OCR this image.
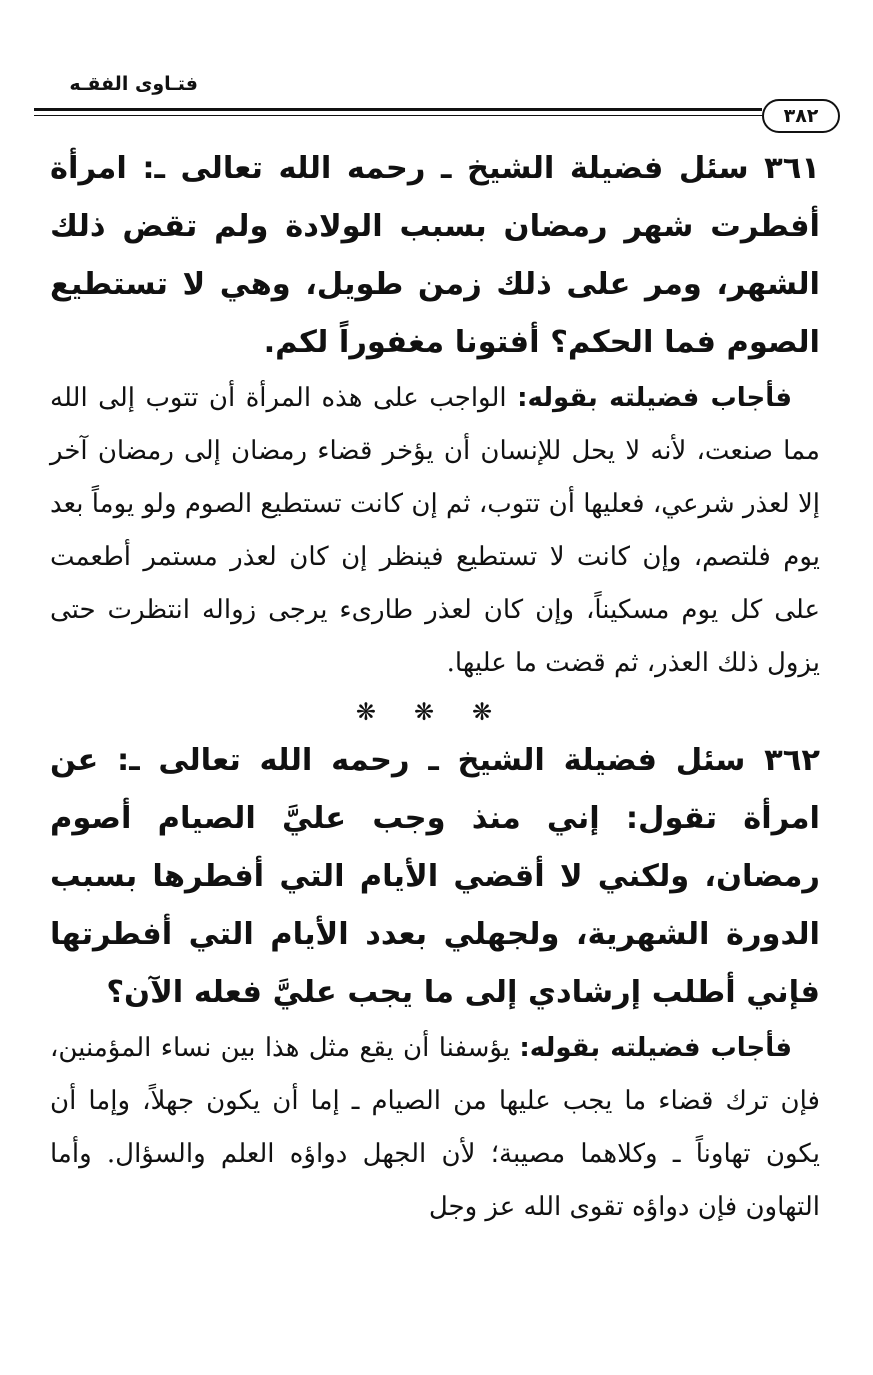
فتـاوى الفقـه
٣٨٢

٣٦١ سئل فضيلة الشيخ ـ رحمه الله تعالى ـ: امرأة أفطرت شهر رمضان بسبب الولادة ولم تقض ذلك الشهر، ومر على ذلك زمن طويل، وهي لا تستطيع الصوم فما الحكم؟ أفتونا مغفوراً لكم.

فأجاب فضيلته بقوله: الواجب على هذه المرأة أن تتوب إلى الله مما صنعت، لأنه لا يحل للإنسان أن يؤخر قضاء رمضان إلى رمضان آخر إلا لعذر شرعي، فعليها أن تتوب، ثم إن كانت تستطيع الصوم ولو يوماً بعد يوم فلتصم، وإن كانت لا تستطيع فينظر إن كان لعذر مستمر أطعمت على كل يوم مسكيناً، وإن كان لعذر طارىء يرجى زواله انتظرت حتى يزول ذلك العذر، ثم قضت ما عليها.

❋ ❋ ❋

٣٦٢ سئل فضيلة الشيخ ـ رحمه الله تعالى ـ: عن امرأة تقول: إني منذ وجب عليَّ الصيام أصوم رمضان، ولكني لا أقضي الأيام التي أفطرها بسبب الدورة الشهرية، ولجهلي بعدد الأيام التي أفطرتها فإني أطلب إرشادي إلى ما يجب عليَّ فعله الآن؟

فأجاب فضيلته بقوله: يؤسفنا أن يقع مثل هذا بين نساء المؤمنين، فإن ترك قضاء ما يجب عليها من الصيام ـ إما أن يكون جهلاً، وإما أن يكون تهاوناً ـ وكلاهما مصيبة؛ لأن الجهل دواؤه العلم والسؤال. وأما التهاون فإن دواؤه تقوى الله عز وجل
